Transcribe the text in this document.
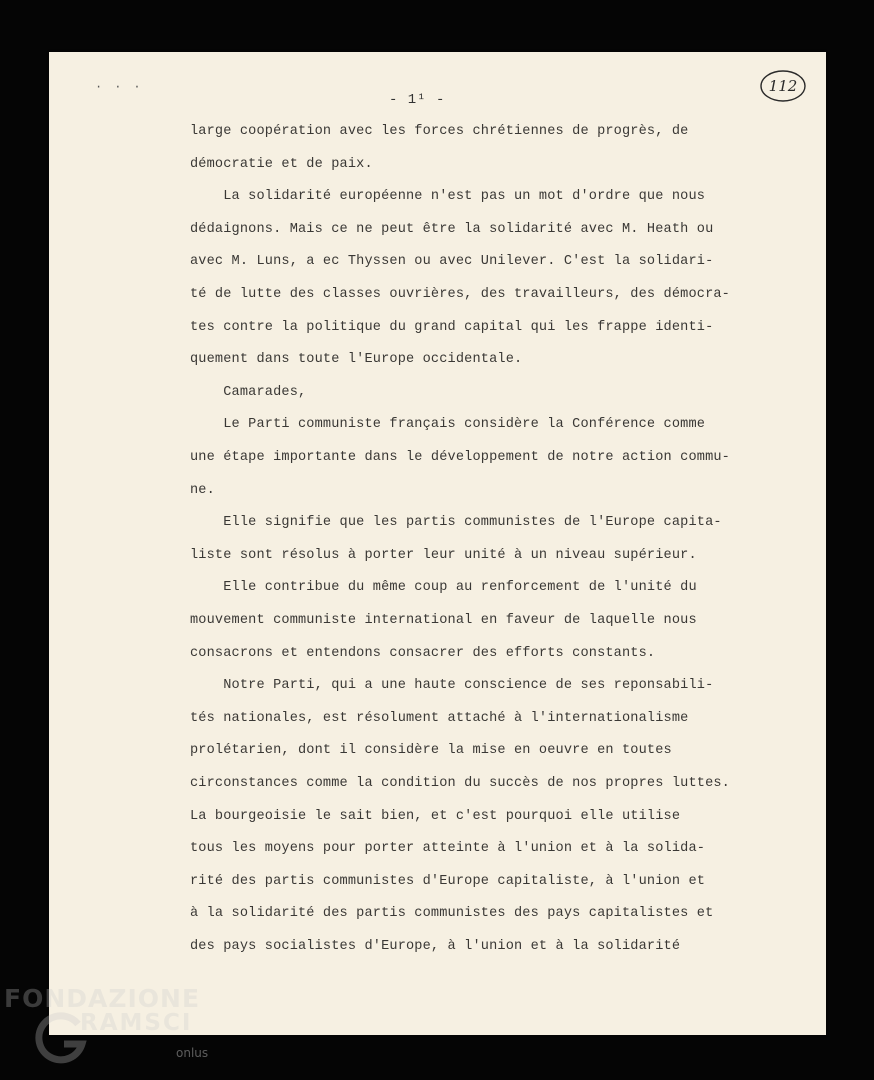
···
- 1¹ -
112
large coopération avec les forces chrétiennes de progrès, de
démocratie et de paix.
La solidarité européenne n'est pas un mot d'ordre que nous
dédaignons. Mais ce ne peut être la solidarité avec M. Heath ou
avec M. Luns, a ec Thyssen ou avec Unilever. C'est la solidari-
té de lutte des classes ouvrières, des travailleurs, des démocra-
tes contre la politique du grand capital qui les frappe identi-
quement dans toute l'Europe occidentale.
Camarades,
Le Parti communiste français considère la Conférence comme
une étape importante dans le développement de notre action commu-
ne.
Elle signifie que les partis communistes de l'Europe capita-
liste sont résolus à porter leur unité à un niveau supérieur.
Elle contribue du même coup au renforcement de l'unité du
mouvement communiste international en faveur de laquelle nous
consacrons et entendons consacrer des efforts constants.
Notre Parti, qui a une haute conscience de ses reponsabili-
tés nationales, est résolument attaché à l'internationalisme
prolétarien, dont il considère la mise en oeuvre en toutes
circonstances comme la condition du succès de nos propres luttes.
La bourgeoisie le sait bien, et c'est pourquoi elle utilise
tous les moyens pour porter atteinte à l'union et à la solida-
rité des partis communistes d'Europe capitaliste, à l'union et
à la solidarité des partis communistes des pays capitalistes et
des pays socialistes d'Europe, à l'union et à la solidarité
FONDAZIONE
RAMSCI
onlus
